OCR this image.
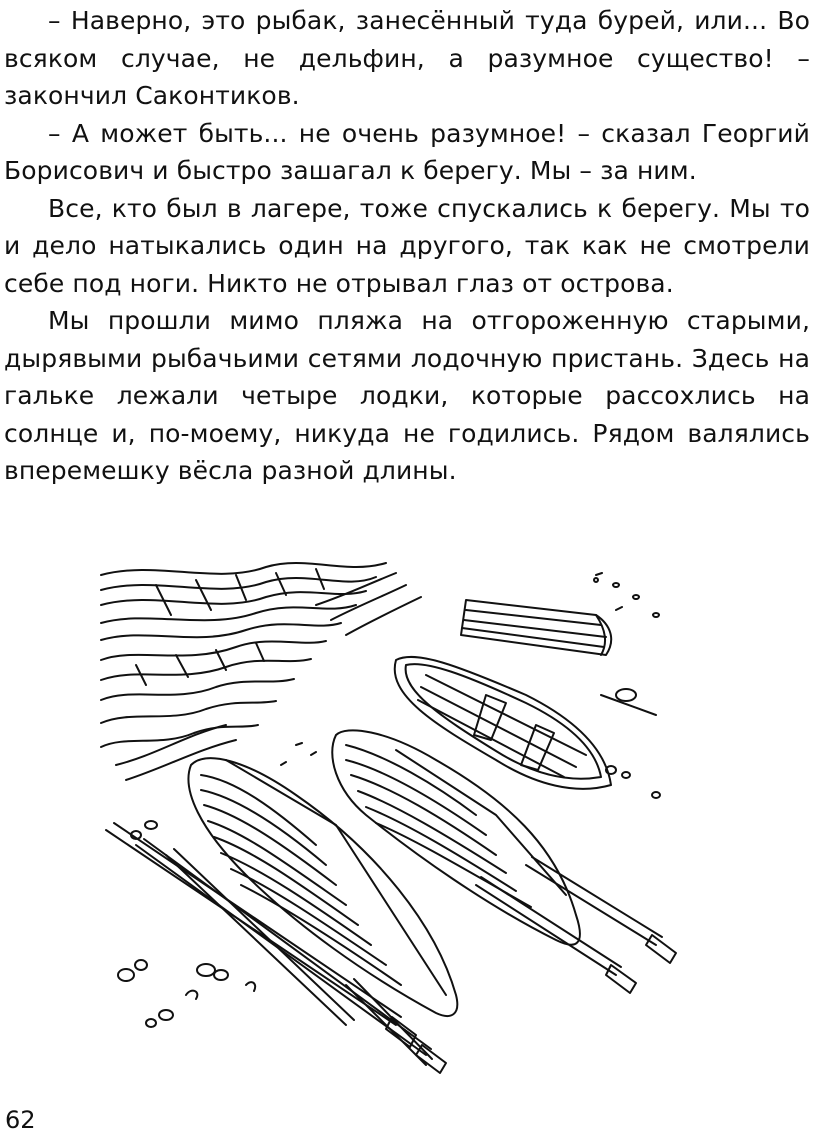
– Наверно, это рыбак, занесённый туда бурей, или... Во всяком случае, не дельфин, а разумное существо! – закончил Саконтиков.

– А может быть... не очень разумное! – сказал Георгий Борисович и быстро зашагал к берегу. Мы – за ним.

Все, кто был в лагере, тоже спускались к берегу. Мы то и дело натыкались один на другого, так как не смотрели себе под ноги. Никто не отрывал глаз от острова.

Мы прошли мимо пляжа на отгороженную старыми, дырявыми рыбачьими сетями лодочную пристань. Здесь на гальке лежали четыре лодки, которые рассохлись на солнце и, по-моему, никуда не годились. Рядом валялись вперемешку вёсла разной длины.

62
